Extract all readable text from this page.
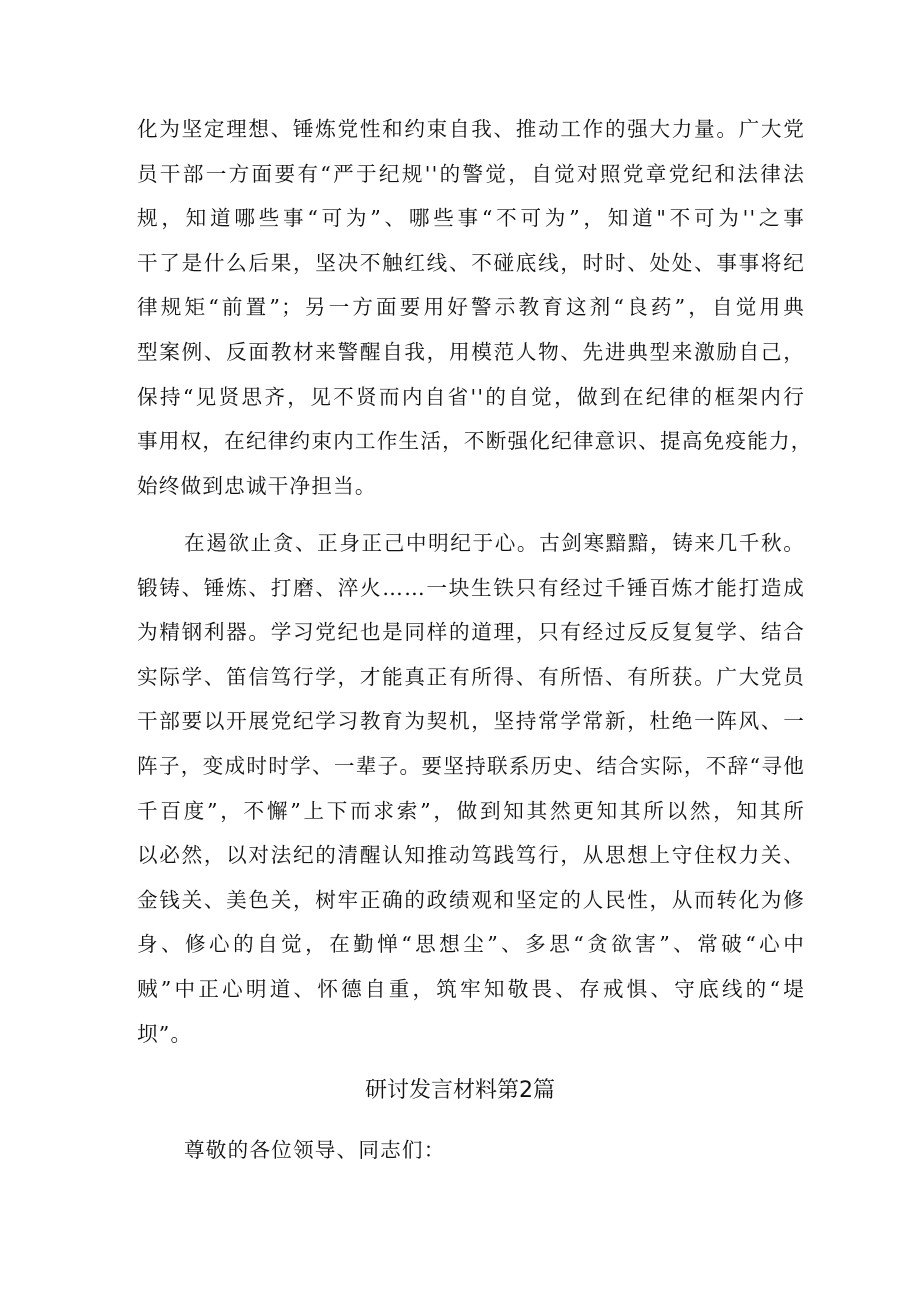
化为坚定理想、锤炼党性和约束自我、推动工作的强大力量。广大党
员干部一方面要有“严于纪规''的警觉，自觉对照党章党纪和法律法
规，知道哪些事“可为”、哪些事“不可为”，知道"不可为''之事
干了是什么后果，坚决不触红线、不碰底线，时时、处处、事事将纪
律规矩“前置”；另一方面要用好警示教育这剂“良药”，自觉用典
型案例、反面教材来警醒自我，用模范人物、先进典型来激励自己，
保持“见贤思齐，见不贤而内自省''的自觉，做到在纪律的框架内行
事用权，在纪律约束内工作生活，不断强化纪律意识、提高免疫能力，
始终做到忠诚干净担当。
在遏欲止贪、正身正己中明纪于心。古剑寒黯黯，铸来几千秋。
锻铸、锤炼、打磨、淬火……一块生铁只有经过千锤百炼才能打造成
为精钢利器。学习党纪也是同样的道理，只有经过反反复复学、结合
实际学、笛信笃行学，才能真正有所得、有所悟、有所获。广大党员
干部要以开展党纪学习教育为契机，坚持常学常新，杜绝一阵风、一
阵子，变成时时学、一辈子。要坚持联系历史、结合实际，不辞“寻他
千百度”，不懈”上下而求索”，做到知其然更知其所以然，知其所
以必然，以对法纪的清醒认知推动笃践笃行，从思想上守住权力关、
金钱关、美色关，树牢正确的政绩观和坚定的人民性，从而转化为修
身、修心的自觉，在勤惮“思想尘”、多思“贪欲害”、常破“心中
贼”中正心明道、怀德自重，筑牢知敬畏、存戒惧、守底线的“堤
坝”。
研讨发言材料第2篇
尊敬的各位领导、同志们：
